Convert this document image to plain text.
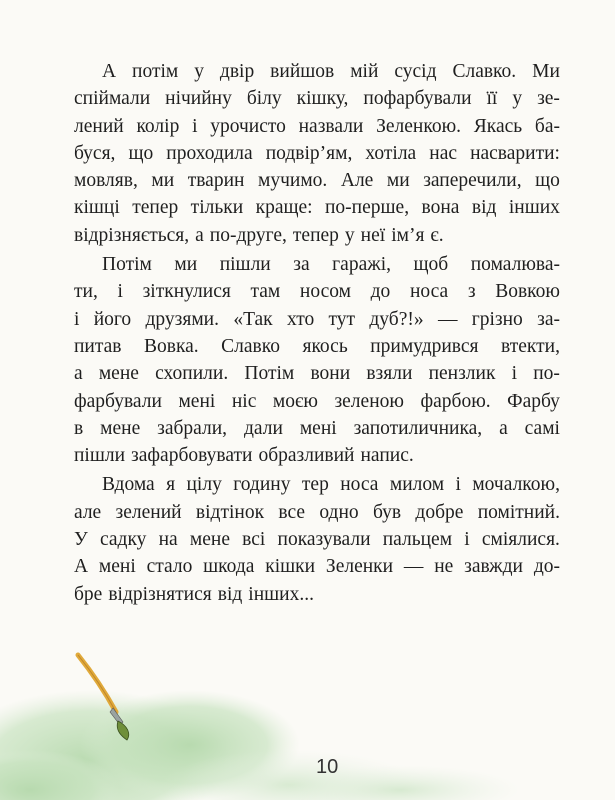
А потім у двір вийшов мій сусід Славко. Ми
спіймали нічийну білу кішку, пофарбували її у зе-
лений колір і урочисто назвали Зеленкою. Якась ба-
буся, що проходила подвір’ям, хотіла нас насварити:
мовляв, ми тварин мучимо. Але ми заперечили, що
кішці тепер тільки краще: по-перше, вона від інших
відрізняється, а по-друге, тепер у неї ім’я є.
Потім ми пішли за гаражі, щоб помалюва-
ти, і зіткнулися там носом до носа з Вовкою
і його друзями. «Так хто тут дуб?!» — грізно за-
питав Вовка. Славко якось примудрився втекти,
а мене схопили. Потім вони взяли пензлик і по-
фарбували мені ніс моєю зеленою фарбою. Фарбу
в мене забрали, дали мені запотиличника, а самі
пішли зафарбовувати образливий напис.
Вдома я цілу годину тер носа милом і мочалкою,
але зелений відтінок все одно був добре помітний.
У садку на мене всі показували пальцем і сміялися.
А мені стало шкода кішки Зеленки — не завжди до-
бре відрізнятися від інших...
10
